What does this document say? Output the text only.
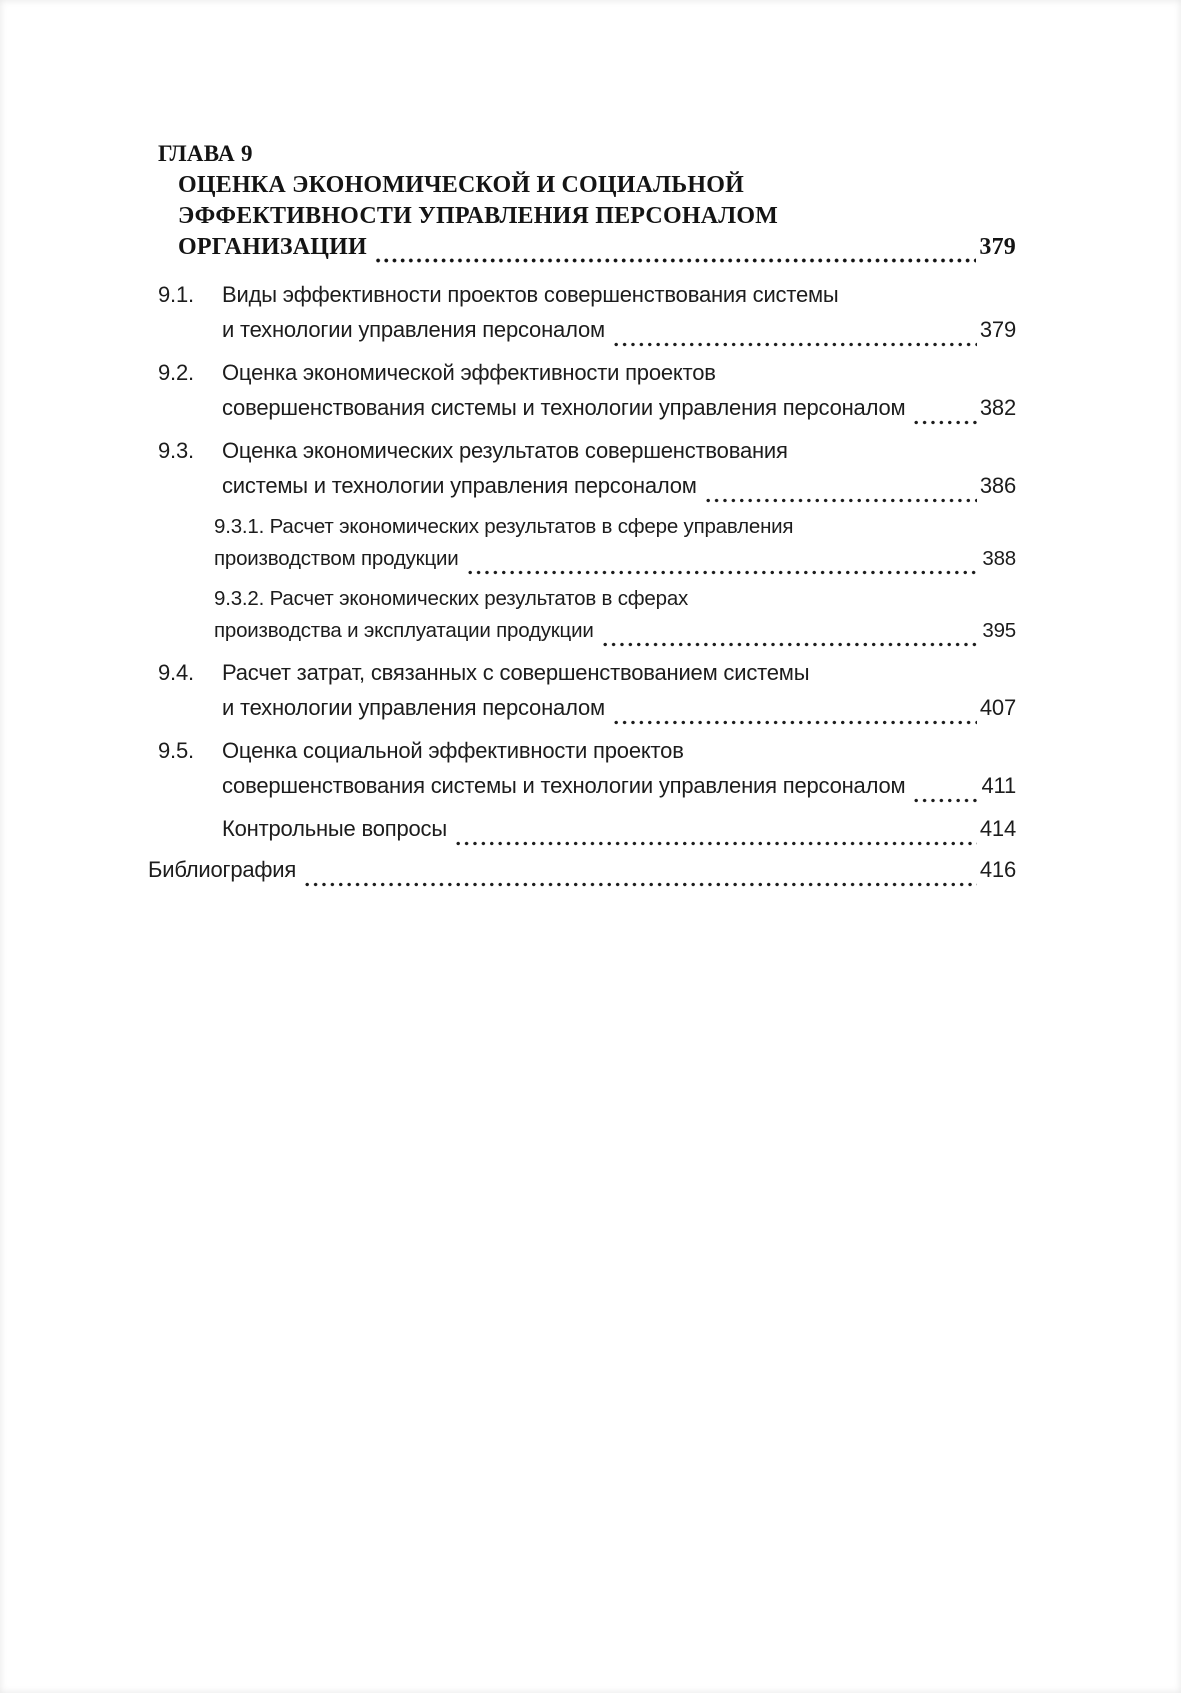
ГЛАВА 9
ОЦЕНКА ЭКОНОМИЧЕСКОЙ И СОЦИАЛЬНОЙ
ЭФФЕКТИВНОСТИ УПРАВЛЕНИЯ ПЕРСОНАЛОМ
ОРГАНИЗАЦИИ	379
9.1.	Виды эффективности проектов совершенствования системы
и технологии управления персоналом	379
9.2.	Оценка экономической эффективности проектов
совершенствования системы и технологии управления персоналом	382
9.3.	Оценка экономических результатов совершенствования
системы и технологии управления персоналом	386
9.3.1. Расчет экономических результатов в сфере управления
производством продукции	388
9.3.2. Расчет экономических результатов в сферах
производства и эксплуатации продукции	395
9.4.	Расчет затрат, связанных с совершенствованием системы
и технологии управления персоналом	407
9.5.	Оценка социальной эффективности проектов
совершенствования системы и технологии управления персоналом	411
Контрольные вопросы	414
Библиография	416
